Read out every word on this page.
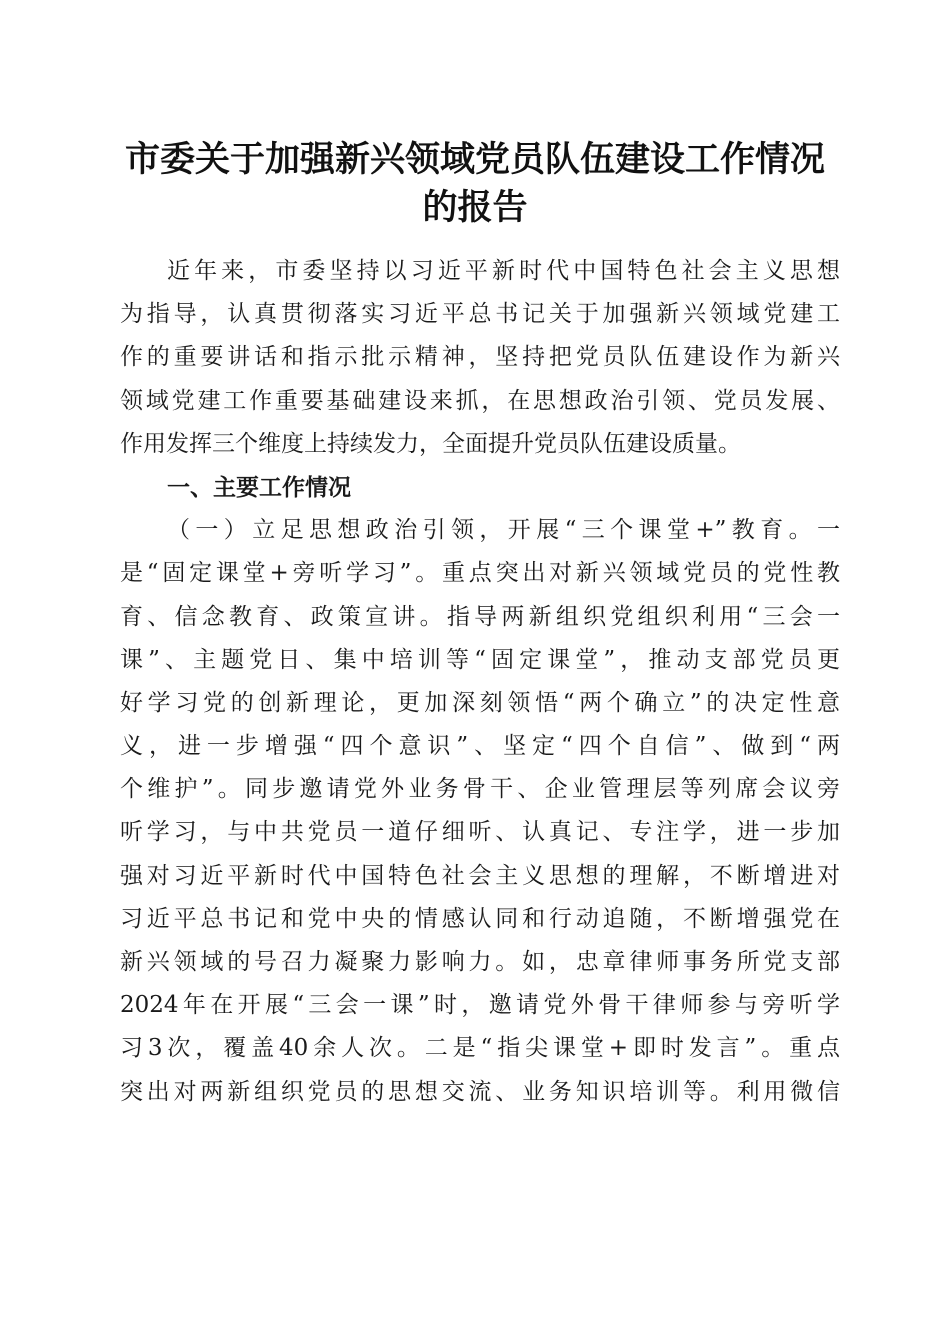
市委关于加强新兴领域党员队伍建设工作情况
的报告
近年来，市委坚持以习近平新时代中国特色社会主义思想
为指导，认真贯彻落实习近平总书记关于加强新兴领域党建工
作的重要讲话和指示批示精神，坚持把党员队伍建设作为新兴
领域党建工作重要基础建设来抓，在思想政治引领、党员发展、
作用发挥三个维度上持续发力，全面提升党员队伍建设质量。
一、主要工作情况
（一）立足思想政治引领，开展“三个课堂+”教育。一
是“固定课堂+旁听学习”。重点突出对新兴领域党员的党性教
育、信念教育、政策宣讲。指导两新组织党组织利用“三会一
课”、主题党日、集中培训等“固定课堂”，推动支部党员更
好学习党的创新理论，更加深刻领悟“两个确立”的决定性意
义，进一步增强“四个意识”、坚定“四个自信”、做到“两
个维护”。同步邀请党外业务骨干、企业管理层等列席会议旁
听学习，与中共党员一道仔细听、认真记、专注学，进一步加
强对习近平新时代中国特色社会主义思想的理解，不断增进对
习近平总书记和党中央的情感认同和行动追随，不断增强党在
新兴领域的号召力凝聚力影响力。如，忠章律师事务所党支部
2024年在开展“三会一课”时，邀请党外骨干律师参与旁听学
习3次，覆盖40余人次。二是“指尖课堂+即时发言”。重点
突出对两新组织党员的思想交流、业务知识培训等。利用微信
